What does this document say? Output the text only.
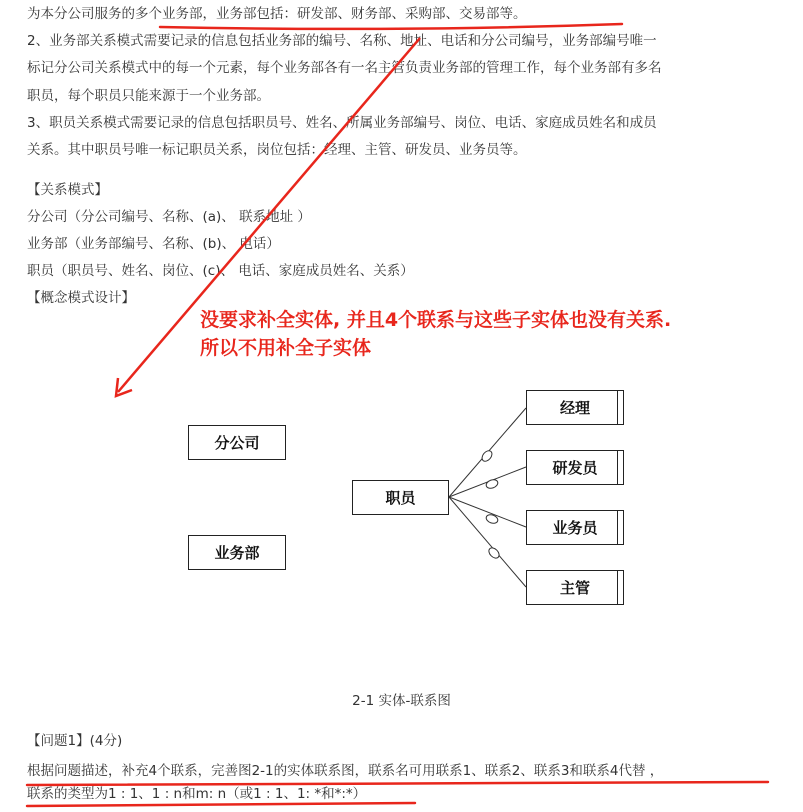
为本分公司服务的多个业务部，业务部包括：研发部、财务部、采购部、交易部等。
2、业务部关系模式需要记录的信息包括业务部的编号、名称、地址、电话和分公司编号，业务部编号唯一
标记分公司关系模式中的每一个元素，每个业务部各有一名主管负责业务部的管理工作，每个业务部有多名
职员，每个职员只能来源于一个业务部。
3、职员关系模式需要记录的信息包括职员号、姓名、所属业务部编号、岗位、电话、家庭成员姓名和成员
关系。其中职员号唯一标记职员关系，岗位包括：经理、主管、研发员、业务员等。
【关系模式】
分公司（分公司编号、名称、(a)、 联系地址 ）
业务部（业务部编号、名称、(b)、 电话）
职员（职员号、姓名、岗位、(c)、 电话、家庭成员姓名、关系）
【概念模式设计】
没要求补全实体, 并且4个联系与这些子实体也没有关系.
所以不用补全子实体
分公司
业务部
职员
经理
研发员
业务员
主管
2-1 实体-联系图
【问题1】(4分)
根据问题描述，补充4个联系，完善图2-1的实体联系图，联系名可用联系1、联系2、联系3和联系4代替 ，
联系的类型为1 : 1、1 : n和m: n（或1 : 1、1: *和*:*）
